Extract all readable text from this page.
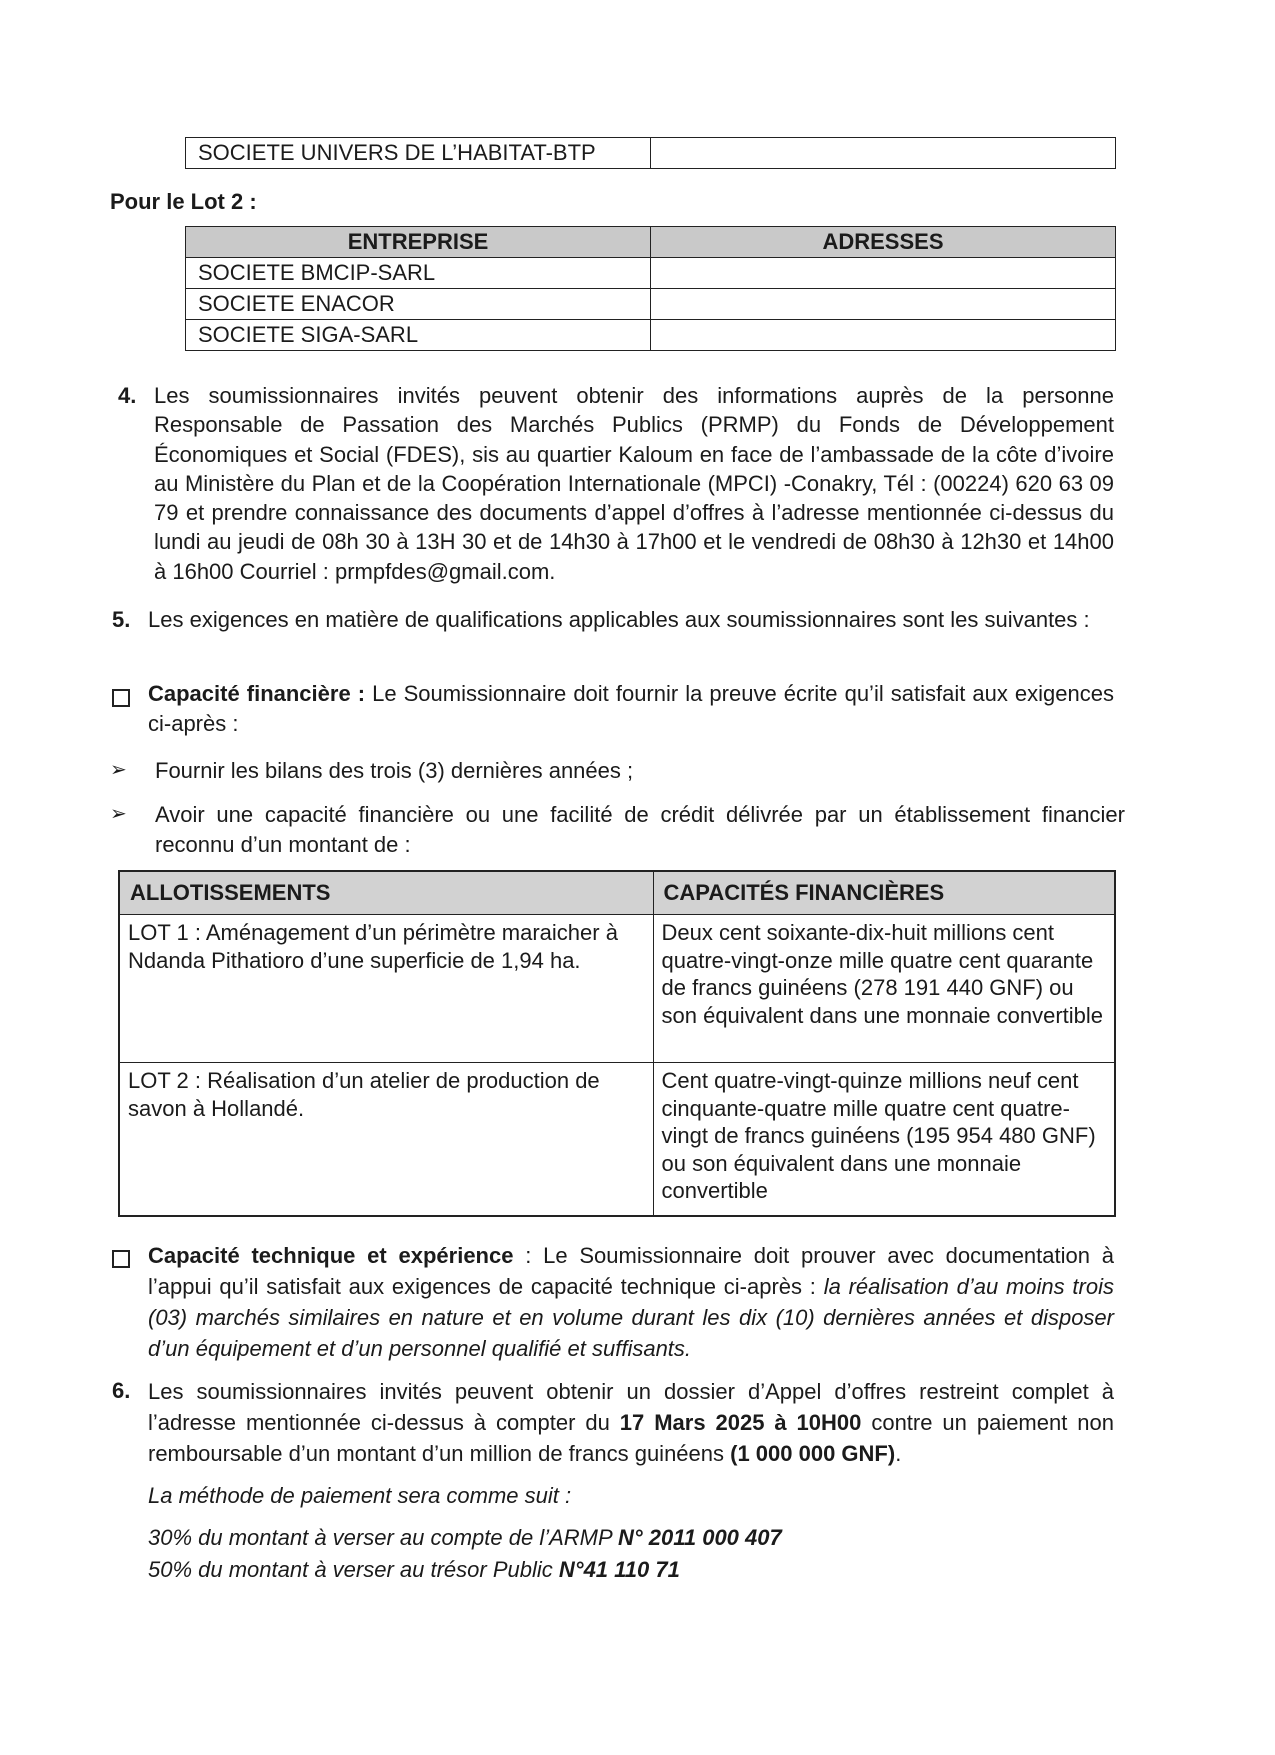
SOCIETE UNIVERS DE L’HABITAT-BTP	
Pour le Lot 2 :
ENTREPRISE	ADRESSES
SOCIETE BMCIP-SARL	
SOCIETE ENACOR	
SOCIETE SIGA-SARL	
4. Les soumissionnaires invités peuvent obtenir des informations auprès de la personne Responsable de Passation des Marchés Publics (PRMP) du Fonds de Développement Économiques et Social (FDES), sis au quartier Kaloum en face de l’ambassade de la côte d’ivoire au Ministère du Plan et de la Coopération Internationale (MPCI) -Conakry, Tél : (00224) 620 63 09 79 et prendre connaissance des documents d’appel d’offres à l’adresse mentionnée ci-dessus du lundi au jeudi de 08h 30 à 13H 30 et de 14h30 à 17h00 et le vendredi de 08h30 à 12h30 et 14h00 à 16h00 Courriel : prmpfdes@gmail.com.
5. Les exigences en matière de qualifications applicables aux soumissionnaires sont les suivantes :
Capacité financière : Le Soumissionnaire doit fournir la preuve écrite qu’il satisfait aux exigences ci-après :
➢ Fournir les bilans des trois (3) dernières années ;
➢ Avoir une capacité financière ou une facilité de crédit délivrée par un établissement financier reconnu d’un montant de :
ALLOTISSEMENTS	CAPACITÉS FINANCIÈRES
LOT 1 : Aménagement d’un périmètre maraicher à Ndanda Pithatioro d’une superficie de 1,94 ha.	Deux cent soixante-dix-huit millions cent quatre-vingt-onze mille quatre cent quarante de francs guinéens (278 191 440 GNF) ou son équivalent dans une monnaie convertible
LOT 2 : Réalisation d’un atelier de production de savon à Hollandé.	Cent quatre-vingt-quinze millions neuf cent cinquante-quatre mille quatre cent quatre-vingt de francs guinéens (195 954 480 GNF) ou son équivalent dans une monnaie convertible
Capacité technique et expérience : Le Soumissionnaire doit prouver avec documentation à l’appui qu’il satisfait aux exigences de capacité technique ci-après : la réalisation d’au moins trois (03) marchés similaires en nature et en volume durant les dix (10) dernières années et disposer d’un équipement et d’un personnel qualifié et suffisants.
6. Les soumissionnaires invités peuvent obtenir un dossier d’Appel d’offres restreint complet à l’adresse mentionnée ci-dessus à compter du 17 Mars 2025 à 10H00 contre un paiement non remboursable d’un montant d’un million de francs guinéens (1 000 000 GNF).
La méthode de paiement sera comme suit :
30% du montant à verser au compte de l’ARMP N° 2011 000 407
50% du montant à verser au trésor Public N°41 110 71
